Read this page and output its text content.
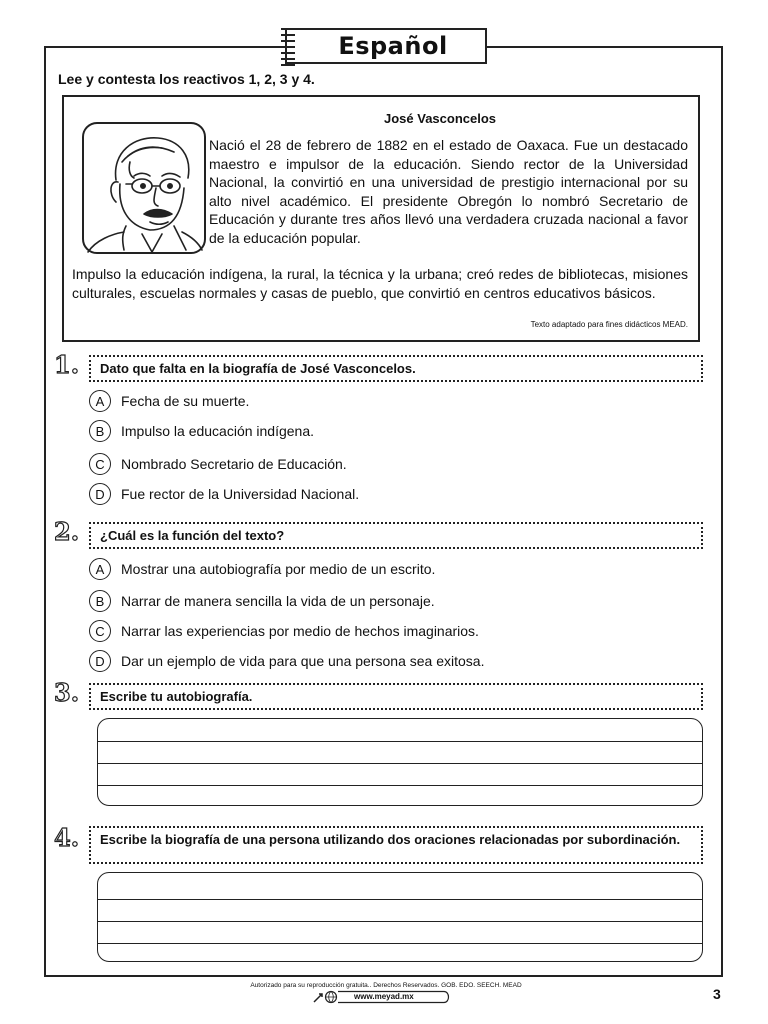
Español
Lee y contesta los reactivos 1, 2, 3 y 4.
José Vasconcelos
Nació el 28 de febrero de 1882 en el estado de Oaxaca. Fue un destacado maestro e impulsor de la educación. Siendo rector de la Universidad Nacional, la convirtió en una universidad de prestigio internacional por su alto nivel académico. El presidente Obregón lo nombró Secretario de Educación y durante tres años llevó una verdadera cruzada nacional a favor de la educación popular.
Impulso la educación indígena, la rural, la técnica y la urbana; creó redes de bibliotecas, misiones culturales, escuelas normales y casas de pueblo, que convirtió en centros educativos básicos.
Texto adaptado para fines didácticos MEAD.
1.	Dato que falta en la biografía de José Vasconcelos.
A	Fecha de su muerte.
B	Impulso la educación indígena.
C	Nombrado Secretario de Educación.
D	Fue rector de la Universidad Nacional.
2.	¿Cuál es la función del texto?
A	Mostrar una autobiografía por medio de un escrito.
B	Narrar de manera sencilla la vida de un personaje.
C	Narrar las experiencias por medio de hechos imaginarios.
D	Dar un ejemplo de vida para que una persona sea exitosa.
3.	Escribe tu autobiografía.
4.	Escribe la biografía de una persona utilizando dos oraciones relacionadas por subordinación.
Autorizado para su reproducción gratuita.. Derechos Reservados. GOB. EDO. SEECH. MEAD
www.meyad.mx	3
